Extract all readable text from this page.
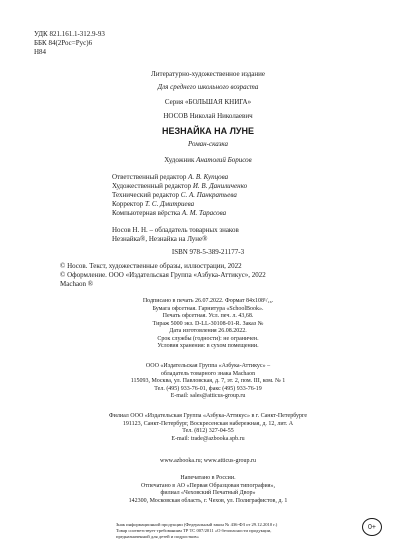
УДК 821.161.1-312.9-93
ББК 84(2Рос=Рус)6
Н84
Литературно-художественное издание
Для среднего школьного возраста
Серия «БОЛЬШАЯ КНИГА»
НОСОВ Николай Николаевич
НЕЗНАЙКА НА ЛУНЕ
Роман-сказка
Художник Анатолий Борисов
Ответственный редактор А. В. Купцова
Художественный редактор И. В. Даниличенко
Технический редактор С. А. Панкратьева
Корректор Т. С. Дмитриева
Компьютерная вёрстка А. М. Тарасова
Носов Н. Н. – обладатель товарных знаков
Незнайка®, Незнайка на Луне®
ISBN 978-5-389-21177-3
© Носов. Текст, художественные образы, иллюстрации, 2022
© Оформление. ООО «Издательская Группа «Азбука-Аттикус», 2022
Machaon ®
Подписано в печать 26.07.2022. Формат 84х108¹/₁₆.
Бумага офсетная. Гарнитура «SchoolBook».
Печать офсетная. Усл. печ. л. 43,68.
Тираж 5000 экз. D-LL-30108-01-R. Заказ №
Дата изготовления 26.08.2022.
Срок службы (годности): не ограничен.
Условия хранения: в сухом помещении.
ООО «Издательская Группа «Азбука-Аттикус» –
обладатель товарного знака Machaon
115093, Москва, ул. Павловская, д. 7, эт. 2, пом. III, ком. № 1
Тел. (495) 933-76-01, факс (495) 933-76-19
E-mail: sales@atticus-group.ru
Филиал ООО «Издательская Группа «Азбука-Аттикус» в г. Санкт-Петербурге
191123, Санкт-Петербург, Воскресенская набережная, д. 12, лит. А
Тел. (812) 327-04-55
E-mail: trade@azbooka.spb.ru
www.azbooka.ru; www.atticus-group.ru
Напечатано в России.
Отпечатано в АО «Первая Образцовая типография»,
филиал «Чеховский Печатный Двор»
142300, Московская область, г. Чехов, ул. Полиграфистов, д. 1
Знак информационной продукции (Федеральный закон № 436-ФЗ от 29.12.2010 г.)
Товар соответствует требованиям ТР ТС 007/2011 «О безопасности продукции,
предназначенной для детей и подростков»
0+
